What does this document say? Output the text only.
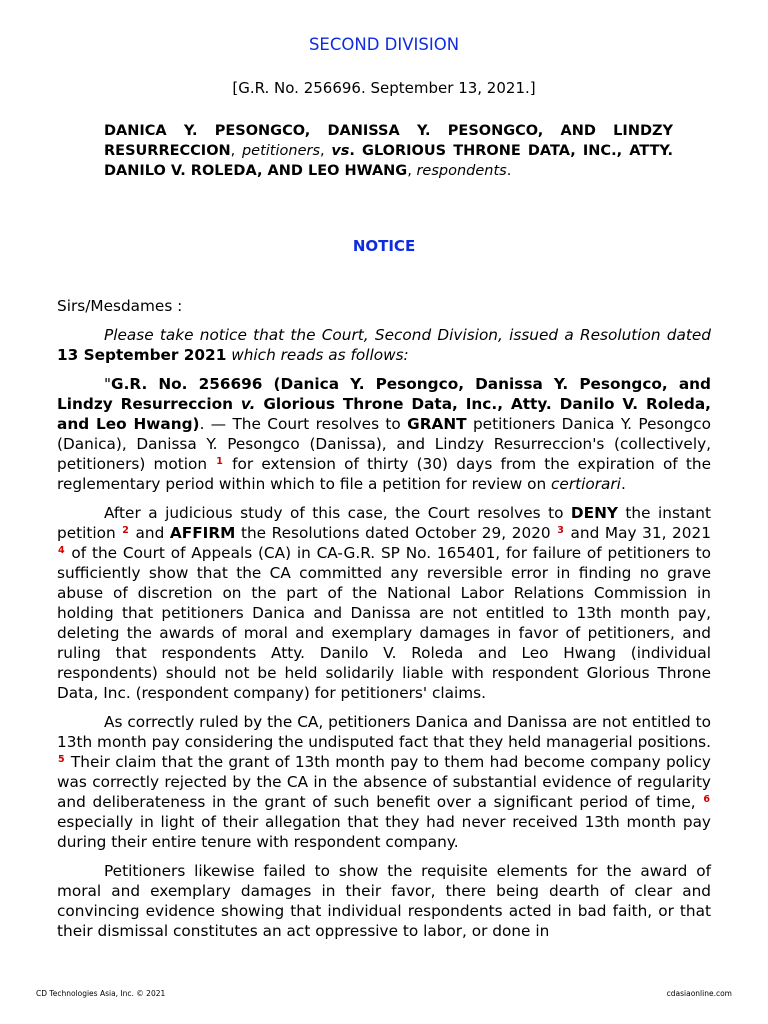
SECOND DIVISION
[G.R. No. 256696. September 13, 2021.]
DANICA Y. PESONGCO, DANISSA Y. PESONGCO, AND LINDZY RESURRECCION, petitioners, vs. GLORIOUS THRONE DATA, INC., ATTY. DANILO V. ROLEDA, AND LEO HWANG, respondents.
NOTICE

Sirs/Mesdames :

Please take notice that the Court, Second Division, issued a Resolution dated 13 September 2021 which reads as follows:

"G.R. No. 256696 (Danica Y. Pesongco, Danissa Y. Pesongco, and Lindzy Resurreccion v. Glorious Throne Data, Inc., Atty. Danilo V. Roleda, and Leo Hwang). — The Court resolves to GRANT petitioners Danica Y. Pesongco (Danica), Danissa Y. Pesongco (Danissa), and Lindzy Resurreccion's (collectively, petitioners) motion $^1$ for extension of thirty (30) days from the expiration of the reglementary period within which to file a petition for review on certiorari.

After a judicious study of this case, the Court resolves to DENY the instant petition $^2$ and AFFIRM the Resolutions dated October 29, 2020 $^3$ and May 31, 2021 $^4$ of the Court of Appeals (CA) in CA-G.R. SP No. 165401, for failure of petitioners to sufficiently show that the CA committed any reversible error in finding no grave abuse of discretion on the part of the National Labor Relations Commission in holding that petitioners Danica and Danissa are not entitled to 13th month pay, deleting the awards of moral and exemplary damages in favor of petitioners, and ruling that respondents Atty. Danilo V. Roleda and Leo Hwang (individual respondents) should not be held solidarily liable with respondent Glorious Throne Data, Inc. (respondent company) for petitioners' claims.

As correctly ruled by the CA, petitioners Danica and Danissa are not entitled to 13th month pay considering the undisputed fact that they held managerial positions. $^5$ Their claim that the grant of 13th month pay to them had become company policy was correctly rejected by the CA in the absence of substantial evidence of regularity and deliberateness in the grant of such benefit over a significant period of time, $^6$ especially in light of their allegation that they had never received 13th month pay during their entire tenure with respondent company.

Petitioners likewise failed to show the requisite elements for the award of moral and exemplary damages in their favor, there being dearth of clear and convincing evidence showing that individual respondents acted in bad faith, or that their dismissal constitutes an act oppressive to labor, or done in

CD Technologies Asia, Inc. © 2021	cdasiaonline.com
